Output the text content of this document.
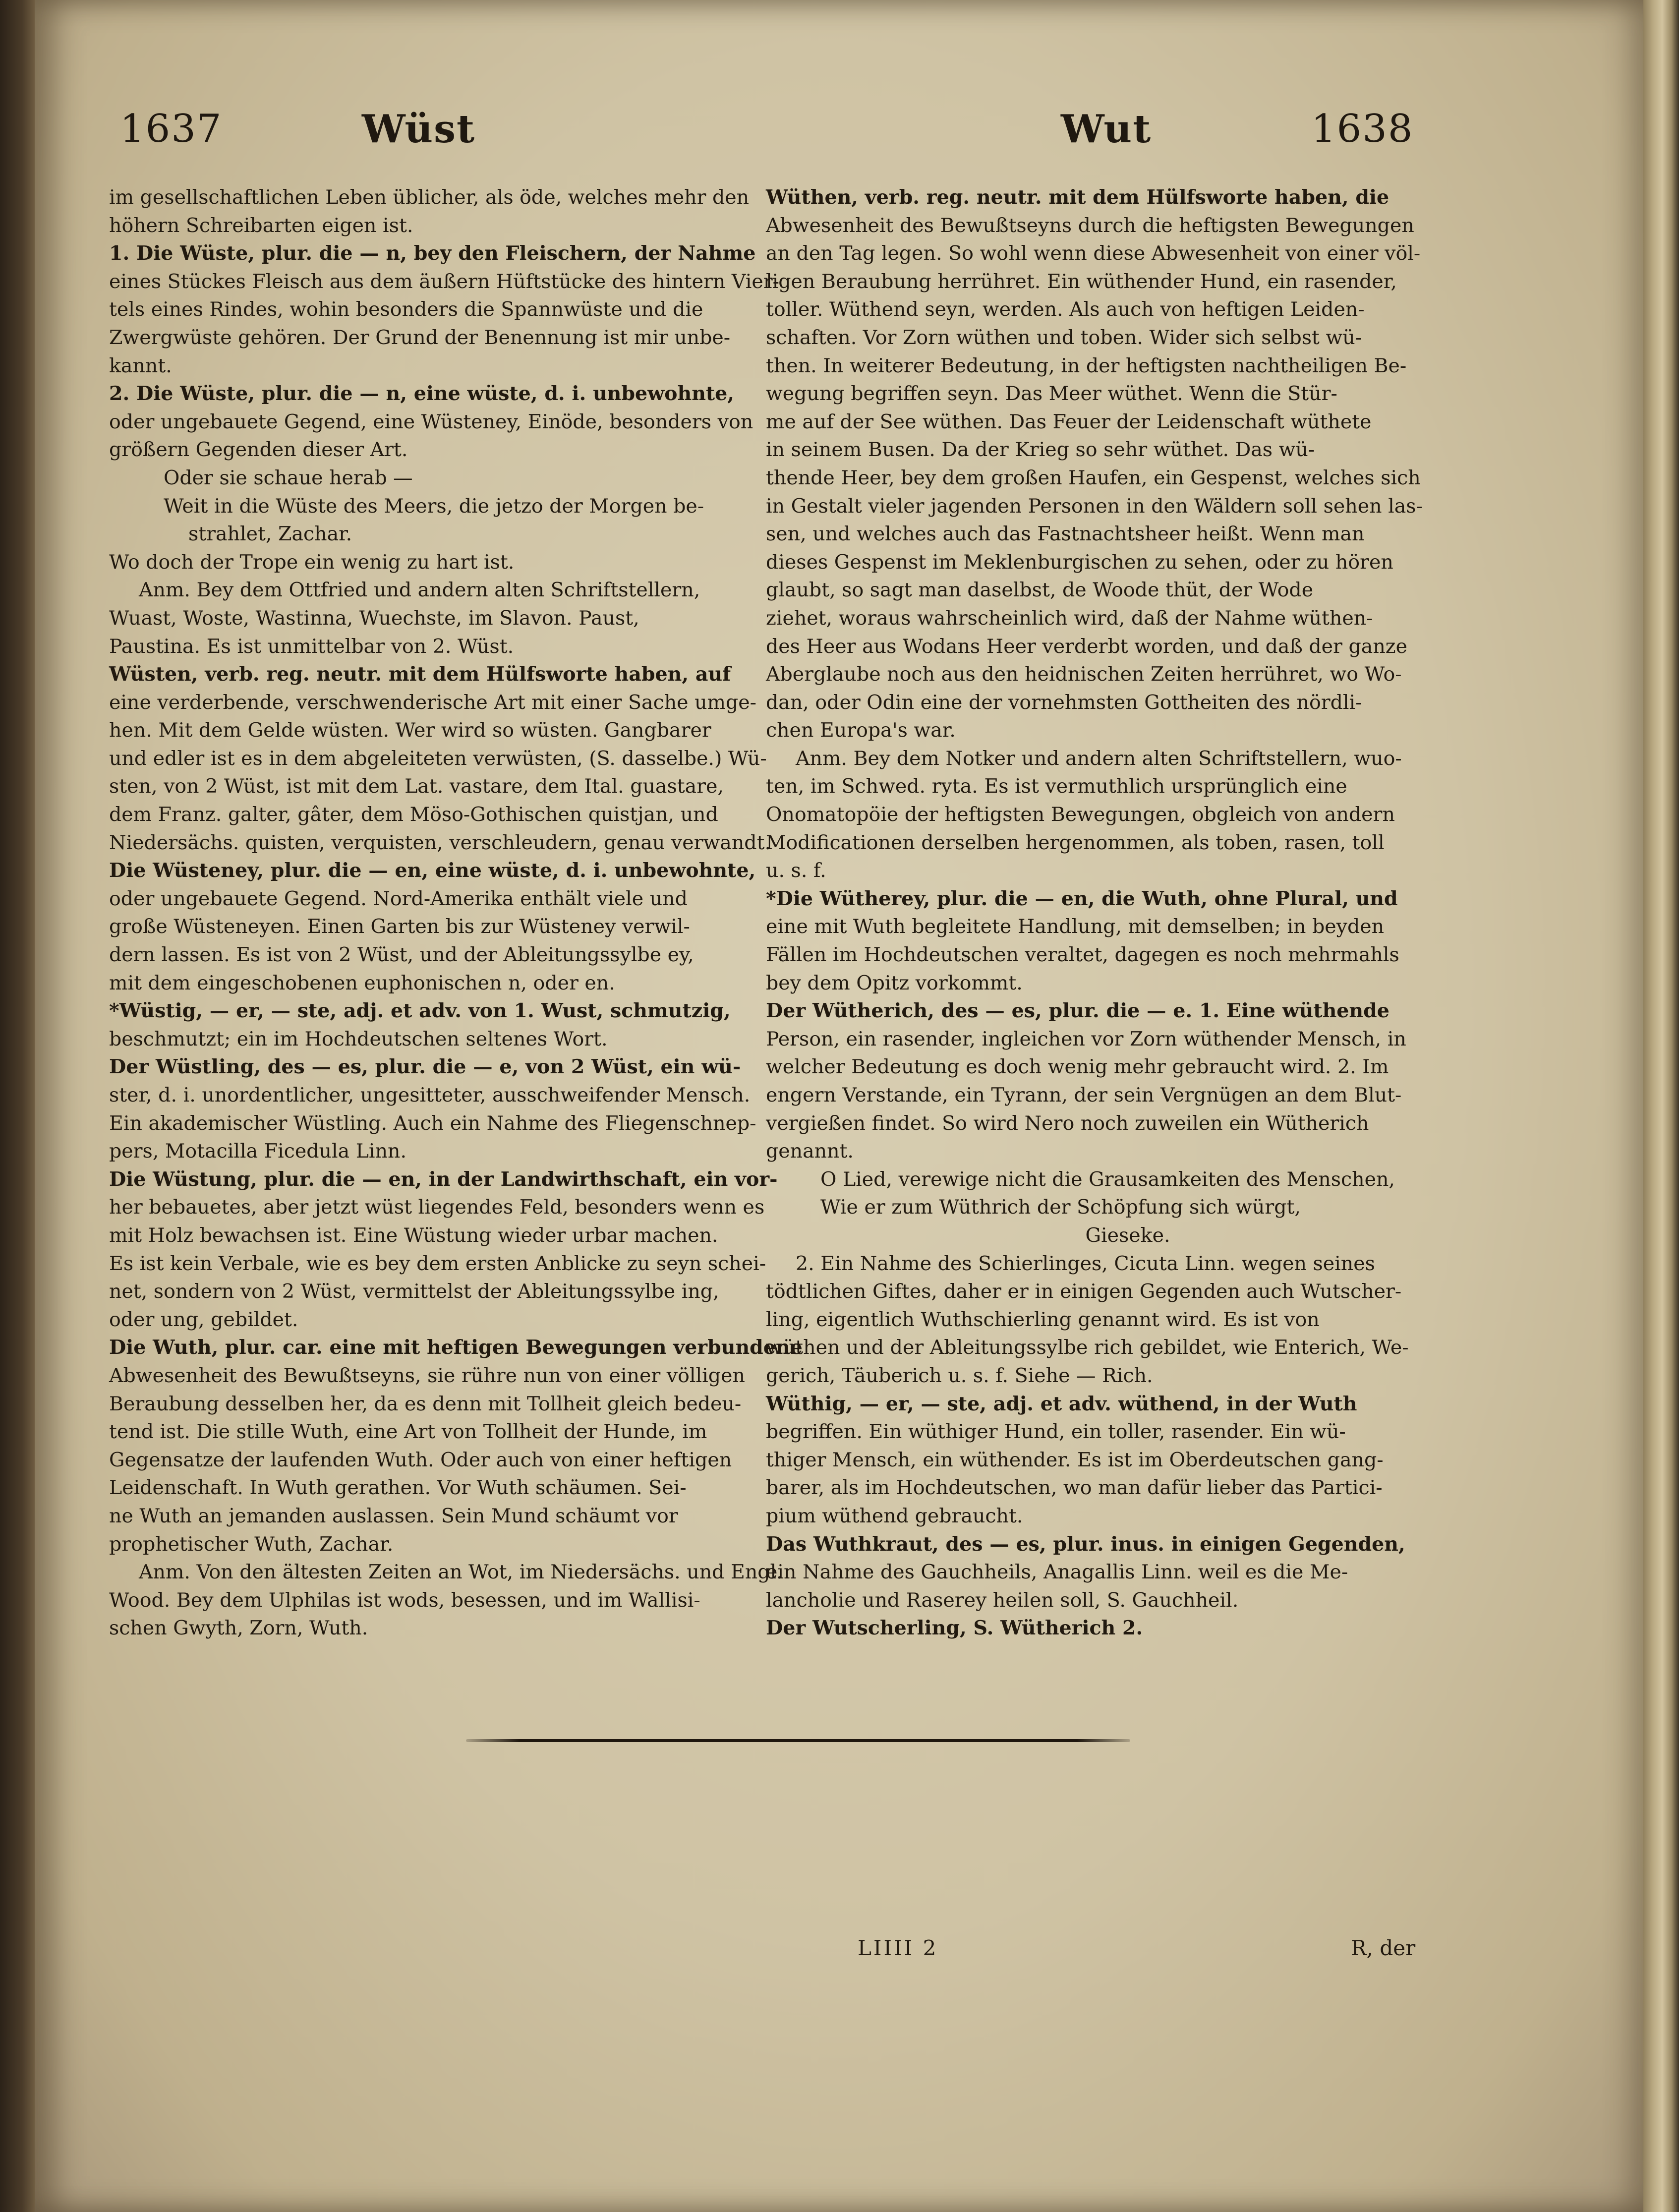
1637	Wüst	Wut	1638

im gesellschaftlichen Leben üblicher, als öde, welches mehr den

höhern Schreibarten eigen ist.

1. Die Wüste, plur. die — n, bey den Fleischern, der Nahme

eines Stückes Fleisch aus dem äußern Hüftstücke des hintern Vier-

tels eines Rindes, wohin besonders die Spannwüste und die

Zwergwüste gehören. Der Grund der Benennung ist mir unbe-

kannt.

2. Die Wüste, plur. die — n, eine wüste, d. i. unbewohnte,

oder ungebauete Gegend, eine Wüsteney, Einöde, besonders von

größern Gegenden dieser Art.

Oder sie schaue herab —

Weit in die Wüste des Meers, die jetzo der Morgen be-

strahlet, Zachar.

Wo doch der Trope ein wenig zu hart ist.

Anm. Bey dem Ottfried und andern alten Schriftstellern,

Wuast, Woste, Wastinna, Wuechste, im Slavon. Paust,

Paustina. Es ist unmittelbar von 2. Wüst.

Wüsten, verb. reg. neutr. mit dem Hülfsworte haben, auf

eine verderbende, verschwenderische Art mit einer Sache umge-

hen. Mit dem Gelde wüsten. Wer wird so wüsten. Gangbarer

und edler ist es in dem abgeleiteten verwüsten, (S. dasselbe.) Wü-

sten, von 2 Wüst, ist mit dem Lat. vastare, dem Ital. guastare,

dem Franz. galter, gâter, dem Möso-Gothischen quistjan, und

Niedersächs. quisten, verquisten, verschleudern, genau verwandt.

Die Wüsteney, plur. die — en, eine wüste, d. i. unbewohnte,

oder ungebauete Gegend. Nord-Amerika enthält viele und

große Wüsteneyen. Einen Garten bis zur Wüsteney verwil-

dern lassen. Es ist von 2 Wüst, und der Ableitungssylbe ey,

mit dem eingeschobenen euphonischen n, oder en.

*Wüstig, — er, — ste, adj. et adv. von 1. Wust, schmutzig,

beschmutzt; ein im Hochdeutschen seltenes Wort.

Der Wüstling, des — es, plur. die — e, von 2 Wüst, ein wü-

ster, d. i. unordentlicher, ungesitteter, ausschweifender Mensch.

Ein akademischer Wüstling. Auch ein Nahme des Fliegenschnep-

pers, Motacilla Ficedula Linn.

Die Wüstung, plur. die — en, in der Landwirthschaft, ein vor-

her bebauetes, aber jetzt wüst liegendes Feld, besonders wenn es

mit Holz bewachsen ist. Eine Wüstung wieder urbar machen.

Es ist kein Verbale, wie es bey dem ersten Anblicke zu seyn schei-

net, sondern von 2 Wüst, vermittelst der Ableitungssylbe ing,

oder ung, gebildet.

Die Wuth, plur. car. eine mit heftigen Bewegungen verbundene

Abwesenheit des Bewußtseyns, sie rühre nun von einer völligen

Beraubung desselben her, da es denn mit Tollheit gleich bedeu-

tend ist. Die stille Wuth, eine Art von Tollheit der Hunde, im

Gegensatze der laufenden Wuth. Oder auch von einer heftigen

Leidenschaft. In Wuth gerathen. Vor Wuth schäumen. Sei-

ne Wuth an jemanden auslassen. Sein Mund schäumt vor

prophetischer Wuth, Zachar.

Anm. Von den ältesten Zeiten an Wot, im Niedersächs. und Engl.

Wood. Bey dem Ulphilas ist wods, besessen, und im Wallisi-

schen Gwyth, Zorn, Wuth.

Wüthen, verb. reg. neutr. mit dem Hülfsworte haben, die

Abwesenheit des Bewußtseyns durch die heftigsten Bewegungen

an den Tag legen. So wohl wenn diese Abwesenheit von einer völ-

ligen Beraubung herrühret. Ein wüthender Hund, ein rasender,

toller. Wüthend seyn, werden. Als auch von heftigen Leiden-

schaften. Vor Zorn wüthen und toben. Wider sich selbst wü-

then. In weiterer Bedeutung, in der heftigsten nachtheiligen Be-

wegung begriffen seyn. Das Meer wüthet. Wenn die Stür-

me auf der See wüthen. Das Feuer der Leidenschaft wüthete

in seinem Busen. Da der Krieg so sehr wüthet. Das wü-

thende Heer, bey dem großen Haufen, ein Gespenst, welches sich

in Gestalt vieler jagenden Personen in den Wäldern soll sehen las-

sen, und welches auch das Fastnachtsheer heißt. Wenn man

dieses Gespenst im Meklenburgischen zu sehen, oder zu hören

glaubt, so sagt man daselbst, de Woode thüt, der Wode

ziehet, woraus wahrscheinlich wird, daß der Nahme wüthen-

des Heer aus Wodans Heer verderbt worden, und daß der ganze

Aberglaube noch aus den heidnischen Zeiten herrühret, wo Wo-

dan, oder Odin eine der vornehmsten Gottheiten des nördli-

chen Europa's war.

Anm. Bey dem Notker und andern alten Schriftstellern, wuo-

ten, im Schwed. ryta. Es ist vermuthlich ursprünglich eine

Onomatopöie der heftigsten Bewegungen, obgleich von andern

Modificationen derselben hergenommen, als toben, rasen, toll

u. s. f.

*Die Wütherey, plur. die — en, die Wuth, ohne Plural, und

eine mit Wuth begleitete Handlung, mit demselben; in beyden

Fällen im Hochdeutschen veraltet, dagegen es noch mehrmahls

bey dem Opitz vorkommt.

Der Wütherich, des — es, plur. die — e. 1. Eine wüthende

Person, ein rasender, ingleichen vor Zorn wüthender Mensch, in

welcher Bedeutung es doch wenig mehr gebraucht wird. 2. Im

engern Verstande, ein Tyrann, der sein Vergnügen an dem Blut-

vergießen findet. So wird Nero noch zuweilen ein Wütherich

genannt.

O Lied, verewige nicht die Grausamkeiten des Menschen,

Wie er zum Wüthrich der Schöpfung sich würgt,

Gieseke.

2. Ein Nahme des Schierlinges, Cicuta Linn. wegen seines

tödtlichen Giftes, daher er in einigen Gegenden auch Wutscher-

ling, eigentlich Wuthschierling genannt wird. Es ist von

wüthen und der Ableitungssylbe rich gebildet, wie Enterich, We-

gerich, Täuberich u. s. f. Siehe — Rich.

Wüthig, — er, — ste, adj. et adv. wüthend, in der Wuth

begriffen. Ein wüthiger Hund, ein toller, rasender. Ein wü-

thiger Mensch, ein wüthender. Es ist im Oberdeutschen gang-

barer, als im Hochdeutschen, wo man dafür lieber das Partici-

pium wüthend gebraucht.

Das Wuthkraut, des — es, plur. inus. in einigen Gegenden,

ein Nahme des Gauchheils, Anagallis Linn. weil es die Me-

lancholie und Raserey heilen soll, S. Gauchheil.

Der Wutscherling, S. Wütherich 2.

LIIII 2	R, der
